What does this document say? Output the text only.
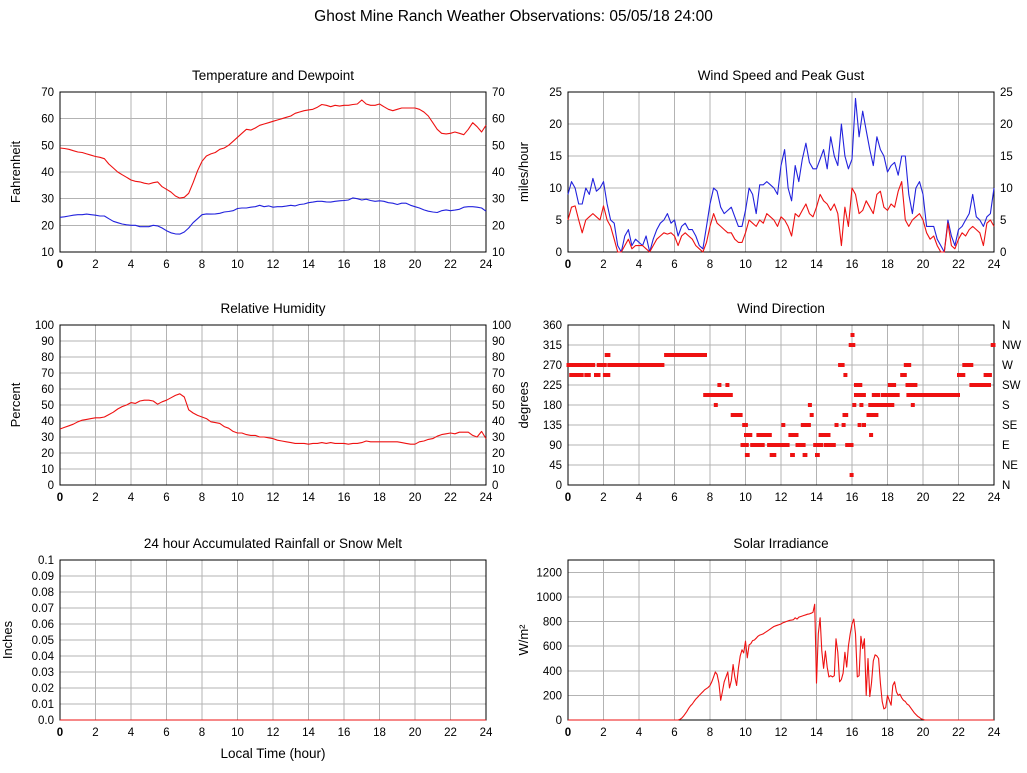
Ghost Mine Ranch Weather Observations: 05/05/18 24:00
Temperature and Dewpoint
0	2	4	6	8 10 12 14 16 18 20 22 24
10	10
20	20
30	30
40	40
50	50
60	60
70	70
Fahrenheit
Wind Speed and Peak Gust
0	2	4	6	8 10 12 14 16 18 20 22 24
0	0
5	5
10	10
15	15
20	20
25	25
miles/hour
Relative Humidity
0	2	4	6	8 10 12 14 16 18 20 22 24
0	0
10	10
20	20
30	30
40	40
50	50
60	60
70	70
80	80
90	90
100	100
Percent
Wind Direction
0	2	4	6	8 10 12 14 16 18 20 22 24
0	N
45	NE
90	E
135	SE
180	S
225	SW
270	W
315	NW
360	N
degrees
24 hour Accumulated Rainfall or Snow Melt
0	2	4	6	8 10 12 14 16 18 20 22 24
0.0
0.01
0.02
0.03
0.04
0.05
0.06
0.07
0.08
0.09
0.1
Inches
Local Time (hour)
Solar Irradiance
0	2	4	6	8 10 12 14 16 18 20 22 24
0
200
400
600
800
1000
1200
W/m²
